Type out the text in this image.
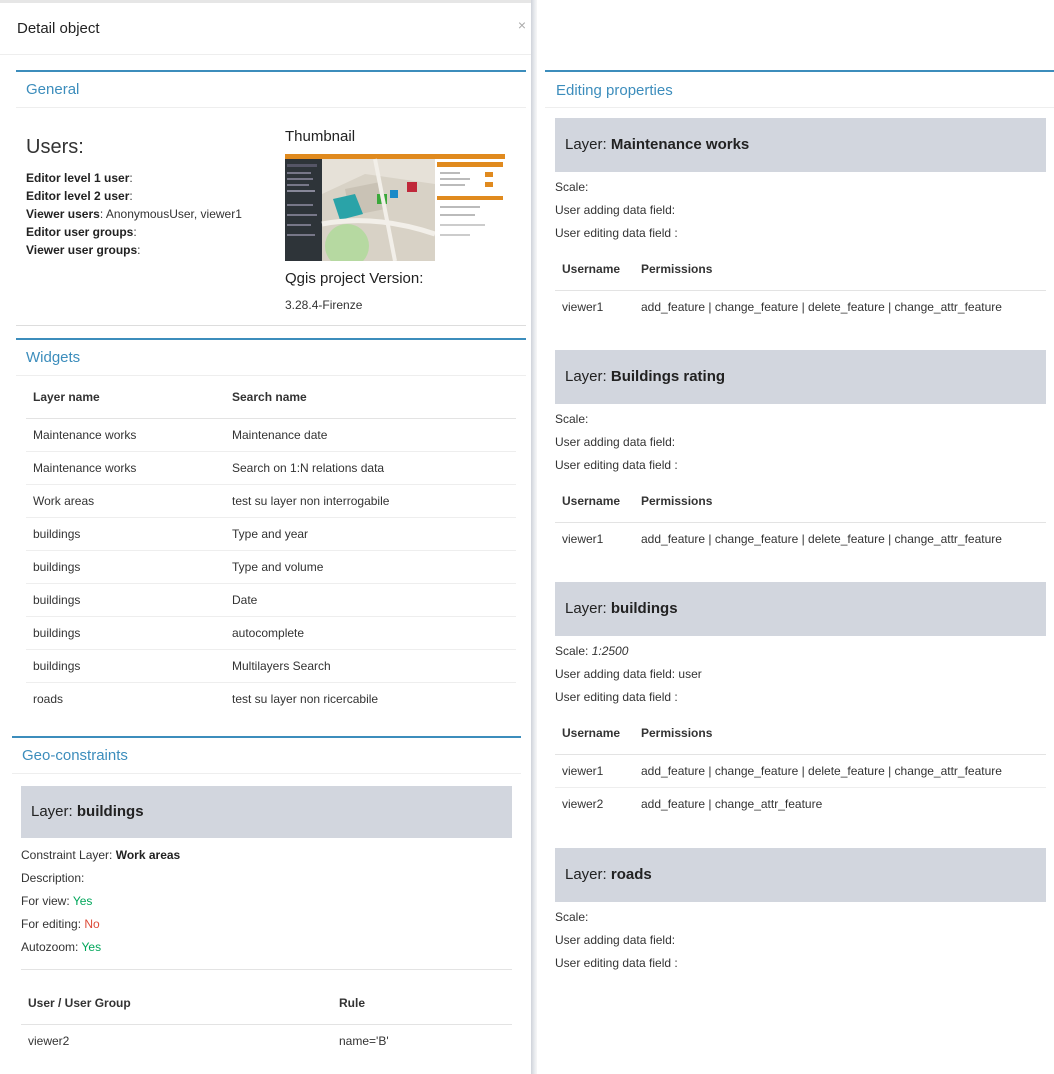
Detail object	×
General
Users:
Editor level 1 user:
Editor level 2 user:
Viewer users: AnonymousUser, viewer1
Editor user groups:
Viewer user groups:
Thumbnail
Qgis project Version:
3.28.4-Firenze
Widgets
Layer name	Search name
Maintenance works	Maintenance date
Maintenance works	Search on 1:N relations data
Work areas	test su layer non interrogabile
buildings	Type and year
buildings	Type and volume
buildings	Date
buildings	autocomplete
buildings	Multilayers Search
roads	test su layer non ricercabile
Geo-constraints
Layer: buildings
Constraint Layer: Work areas
Description:
For view: Yes
For editing: No
Autozoom: Yes
User / User Group	Rule
viewer2	name='B'
Editing properties
Layer: Maintenance works
Scale:
User adding data field:
User editing data field :
Username	Permissions
viewer1	add_feature | change_feature | delete_feature | change_attr_feature
Layer: Buildings rating
Scale:
User adding data field:
User editing data field :
Username	Permissions
viewer1	add_feature | change_feature | delete_feature | change_attr_feature
Layer: buildings
Scale: 1:2500
User adding data field: user
User editing data field :
Username	Permissions
viewer1	add_feature | change_feature | delete_feature | change_attr_feature
viewer2	add_feature | change_attr_feature
Layer: roads
Scale:
User adding data field:
User editing data field :
